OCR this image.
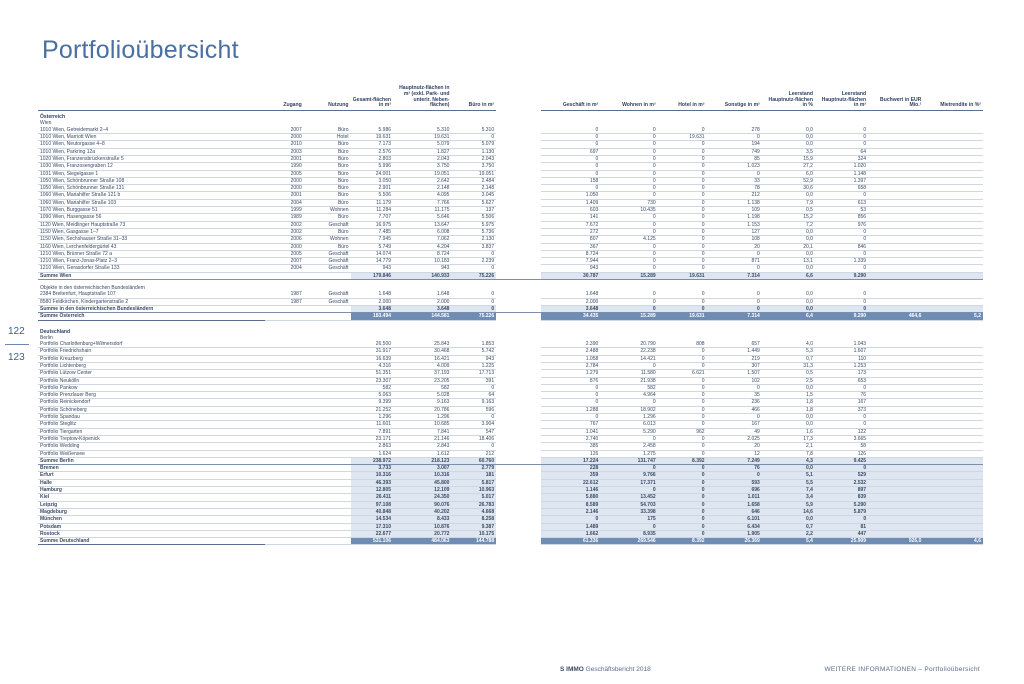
Portfolioübersicht
122
123
	Zugang	Nutzung	Gesamt-flächen in m²	Hauptnutz-flächen in m² (exkl. Park- und unterir. Neben-flächen)	Büro in m²		Geschäft in m²	Wohnen in m²	Hotel in m²	Sonstige in m²	Leerstand Hauptnutz-flächen in %	Leerstand Hauptnutz-flächen in m²	Buchwert in EUR Mio.¹	Mietrendite in %²
Österreich														
Wien														
1010 Wien, Getreidemarkt 2–4	2007	Büro	5.986	5.310	5.310		0	0	0	278	0,0	0		
1010 Wien, Marriott Wien	2000	Hotel	19.631	19.631	0		0	0	19.631	0	0,0	0		
1010 Wien, Neutorgasse 4–8	2010	Büro	7.173	5.079	5.079		0	0	0	194	0,0	0		
1010 Wien, Parkring 12a	2003	Büro	2.576	1.827	1.130		697	0	0	749	3,5	64		
1020 Wien, Franzensbrückenstraße 5	2001	Büro	2.803	2.043	2.043		0	0	0	85	15,9	324		
1030 Wien, Franzosengraben 12	1990	Büro	5.996	3.750	3.750		0	0	0	1.023	27,2	1.020		
1031 Wien, Siegelgasse 1	2005	Büro	24.001	19.051	19.051		0	0	0	0	6,0	1.148		
1050 Wien, Schönbrunner Straße 108	2000	Büro	3.050	2.642	2.484		158	0	0	33	52,9	1.397		
1050 Wien, Schönbrunner Straße 131	2000	Büro	2.901	2.148	2.148		0	0	0	78	30,6	658		
1060 Wien, Mariahilfer Straße 121 b	2001	Büro	5.506	4.095	3.045		1.050	0	0	212	0,0	0		
1060 Wien, Mariahilfer Straße 103	2004	Büro	11.179	7.766	5.627		1.409	730	0	1.138	7,9	613		
1070 Wien, Burggasse 51	1999	Wohnen	11.284	11.175	137		603	10.435	0	109	0,5	53		
1090 Wien, Hasengasse 56	1989	Büro	7.707	5.646	5.506		141	0	0	1.198	15,2	856		
1120 Wien, Meidlinger Hauptstraße 73	2002	Geschäft	16.975	13.647	5.975		7.672	0	0	1.153	7,2	976		
1150 Wien, Gasgasse 1–7	2002	Büro	7.485	6.008	5.736		272	0	0	127	0,0	0		
1150 Wien, Sechshauser Straße 31–33	2006	Wohnen	7.945	7.062	2.130		807	4.125	0	108	0,0	0		
1160 Wien, Lerchenfeldergürtel 43	2000	Büro	5.749	4.204	3.837		367	0	0	20	20,1	846		
1210 Wien, Brünner Straße 72 a	2005	Geschäft	14.074	8.724	0		8.724	0	0	0	0,0	0		
1210 Wien, Franz-Jonas-Platz 2–3	2007	Geschäft	14.779	10.183	2.239		7.944	0	0	871	13,1	1.339		
1210 Wien, Gerasdorfer Straße 133	2004	Geschäft	943	943	0		943	0	0	0	0,0	0		
Summe Wien			179.846	140.933	75.226		30.787	15.289	19.631	7.314	6,6	9.290		

Objekte in den österreichischen Bundesländern														
2384 Breitenfurt, Hauptstraße 107	1987	Geschäft	1.648	1.648	0		1.648	0	0	0	0,0	0		
8580 Feldkirchen, Kindergartenstraße 2	1987	Geschäft	2.000	2.000	0		2.000	0	0	0	0,0	0		
Summe in den österreichischen Bundesländern			3.648	3.648	0		3.648	0	0	0	0,0	0		
Summe Österreich			183.494	144.581	75.226		34.435	15.289	19.631	7.314	6,4	9.290	464,6	5,2

Deutschland														
Berlin														
Portfolio Charlottenburg+Wilmersdorf			26.500	25.843	1.853		2.390	20.790	808	657	4,0	1.043		
Portfolio Friedrichshain			31.917	30.468	5.742		2.488	22.238	0	1.449	5,3	1.607		
Portfolio Kreuzberg			16.639	16.421	943		1.058	14.421	0	219	0,7	110		
Portfolio Lichtenberg			4.316	4.009	1.225		2.784	0	0	307	31,3	1.253		
Portfolio Lützow Center			51.351	37.193	17.713		1.279	11.580	6.621	1.507	0,5	173		
Portfolio Neukölln			23.307	23.205	391		876	21.938	0	102	2,5	653		
Portfolio Pankow			582	582	0		0	582	0	0	0,0	0		
Portfolio Prenzlauer Berg			5.063	5.028	64		0	4.964	0	35	1,5	76		
Portfolio Reinickendorf			9.399	9.163	9.163		0	0	0	236	1,8	167		
Portfolio Schöneberg			21.252	20.786	596		1.288	18.902	0	466	1,8	373		
Portfolio Spandau			1.296	1.296	0		0	1.296	0	0	0,0	0		
Portfolio Steglitz			11.601	10.685	3.904		767	6.013	0	167	0,0	0		
Portfolio Tiergarten			7.891	7.841	547		1.041	5.290	962	49	1,6	122		
Portfolio Treptow-Köpenick			23.171	21.146	18.406		2.740	0	0	2.025	17,3	3.665		
Portfolio Wedding			2.863	2.843	0		385	2.458	0	20	2,1	58		
Portfolio Weißensee			1.624	1.612	212		126	1.275	0	12	7,8	126		
Summe Berlin			238.972	218.123	60.760		17.224	131.747	8.392	7.249	4,3	9.425		
Bremen			3.733	3.007	2.779		228	0	0	76	0,0	0		
Erfurt			10.316	10.316	181		359	9.766	0	0	5,1	529		
Halle			46.393	45.800	5.817		22.612	17.371	0	593	5,5	2.532		
Hamburg			12.805	12.109	10.963		1.146	0	0	696	7,4	897		
Kiel			26.411	24.350	5.017		5.880	13.452	0	1.011	3,4	839		
Leipzig			97.108	90.076	26.783		8.589	54.703	0	1.658	5,9	5.290		
Magdeburg			40.848	40.202	4.668		2.146	33.398	0	646	14,6	5.879		
München			14.534	8.433	8.258		0	175	0	6.101	0,0	0		
Potsdam			17.310	10.876	9.387		1.489	0	0	6.434	0,7	81		
Rostock			22.677	20.772	10.175		1.662	8.935	0	1.905	2,2	447		
Summe Deutschland			531.106	484.063	144.788		61.336	269.546	8.392	26.369	5,4	25.909	926,0	4,6
S IMMO Geschäftsbericht 2018	WEITERE INFORMATIONEN – Portfolioübersicht
